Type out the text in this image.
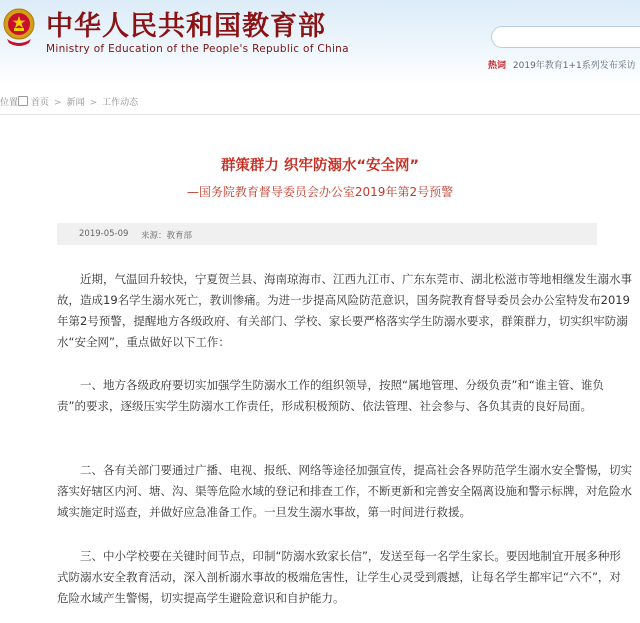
中华人民共和国教育部
Ministry of Education of the People's Republic of China
热词 2019年教育1+1系列发布采访
位置 首页 > 新闻 > 工作动态
群策群力 织牢防溺水“安全网”
—国务院教育督导委员会办公室2019年第2号预警
2019-05-09 来源：教育部

近期，气温回升较快，宁夏贺兰县、海南琼海市、江西九江市、广东东莞市、湖北松滋市等地相继发生溺水事故，造成19名学生溺水死亡，教训惨痛。为进一步提高风险防范意识，国务院教育督导委员会办公室特发布2019年第2号预警，提醒地方各级政府、有关部门、学校、家长要严格落实学生防溺水要求，群策群力，切实织牢防溺水“安全网”，重点做好以下工作：

一、地方各级政府要切实加强学生防溺水工作的组织领导，按照“属地管理、分级负责”和“谁主管、谁负责”的要求，逐级压实学生防溺水工作责任，形成积极预防、依法管理、社会参与、各负其责的良好局面。

二、各有关部门要通过广播、电视、报纸、网络等途径加强宣传，提高社会各界防范学生溺水安全警惕，切实落实好辖区内河、塘、沟、渠等危险水域的登记和排查工作，不断更新和完善安全隔离设施和警示标牌，对危险水域实施定时巡查，并做好应急准备工作。一旦发生溺水事故，第一时间进行救援。

三、中小学校要在关键时间节点，印制“防溺水致家长信”，发送至每一名学生家长。要因地制宜开展多种形式防溺水安全教育活动，深入剖析溺水事故的极端危害性，让学生心灵受到震撼，让每名学生都牢记“六不”，对危险水域产生警惕，切实提高学生避险意识和自护能力。
